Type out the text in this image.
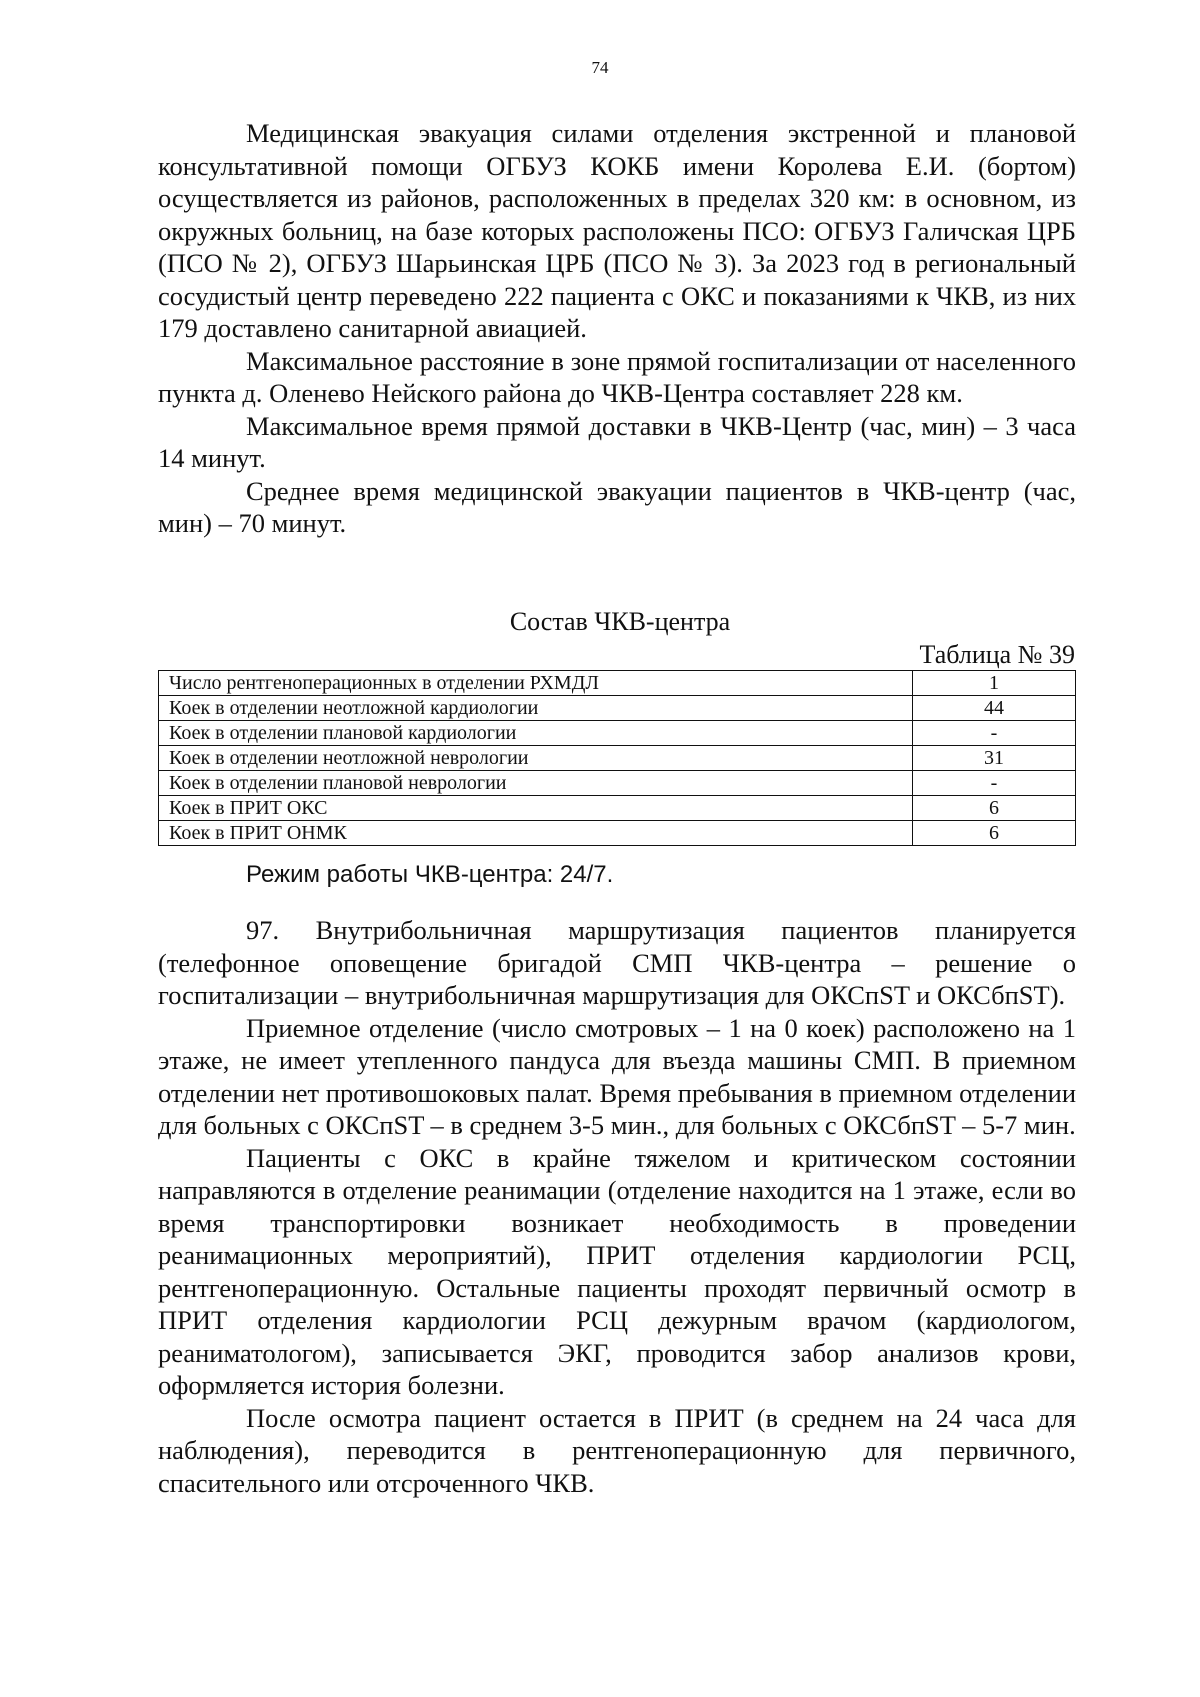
74

Медицинская эвакуация силами отделения экстренной и плановой консультативной помощи ОГБУЗ КОКБ имени Королева Е.И. (бортом) осуществляется из районов, расположенных в пределах 320 км: в основном, из окружных больниц, на базе которых расположены ПСО: ОГБУЗ Галичская ЦРБ (ПСО № 2), ОГБУЗ Шарьинская ЦРБ (ПСО № 3). За 2023 год в региональный сосудистый центр переведено 222 пациента с ОКС и показаниями к ЧКВ, из них 179 доставлено санитарной авиацией.

Максимальное расстояние в зоне прямой госпитализации от населенного пункта д. Оленево Нейского района до ЧКВ-Центра составляет 228 км.

Максимальное время прямой доставки в ЧКВ-Центр (час, мин) – 3 часа 14 минут.

Среднее время медицинской эвакуации пациентов в ЧКВ-центр (час, мин) – 70 минут.

Состав ЧКВ-центра
Таблица № 39
Число рентгеноперационных в отделении РХМДЛ	1
Коек в отделении неотложной кардиологии	44
Коек в отделении плановой кардиологии	-
Коек в отделении неотложной неврологии	31
Коек в отделении плановой неврологии	-
Коек в ПРИТ ОКС	6
Коек в ПРИТ ОНМК	6
Режим работы ЧКВ-центра: 24/7.

97. Внутрибольничная маршрутизация пациентов планируется (телефонное оповещение бригадой СМП ЧКВ-центра – решение о госпитализации – внутрибольничная маршрутизация для ОКСпST и ОКСбпST).

Приемное отделение (число смотровых – 1 на 0 коек) расположено на 1 этаже, не имеет утепленного пандуса для въезда машины СМП. В приемном отделении нет противошоковых палат. Время пребывания в приемном отделении для больных с ОКСпST – в среднем 3-5 мин., для больных с ОКСбпST – 5-7 мин.

Пациенты с ОКС в крайне тяжелом и критическом состоянии направляются в отделение реанимации (отделение находится на 1 этаже, если во время транспортировки возникает необходимость в проведении реанимационных мероприятий), ПРИТ отделения кардиологии РСЦ, рентгеноперационную. Остальные пациенты проходят первичный осмотр в ПРИТ отделения кардиологии РСЦ дежурным врачом (кардиологом, реаниматологом), записывается ЭКГ, проводится забор анализов крови, оформляется история болезни.

После осмотра пациент остается в ПРИТ (в среднем на 24 часа для наблюдения), переводится в рентгеноперационную для первичного, спасительного или отсроченного ЧКВ.
